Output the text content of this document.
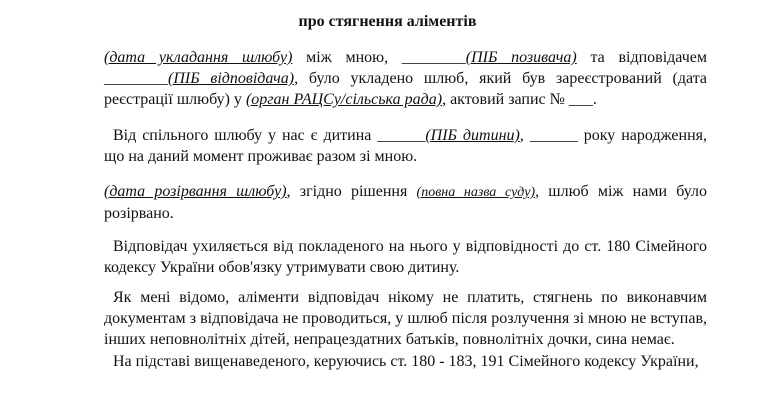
про стягнення аліментів
(дата укладання шлюбу) між мною, ________(ПІБ позивача) та відповідачем ________(ПІБ відповідача), було укладено шлюб, який був зареєстрований (дата реєстрації шлюбу) у (орган РАЦСу/сільська рада), актовий запис № ___.
Від спільного шлюбу у нас є дитина ______(ПІБ дитини), ______ року народження, що на даний момент проживає разом зі мною.
(дата розірвання шлюбу), згідно рішення (повна назва суду), шлюб між нами було розірвано.
Відповідач ухиляється від покладеного на нього у відповідності до ст. 180 Сімейного кодексу України обов'язку утримувати свою дитину.
Як мені відомо, аліменти відповідач нікому не платить, стягнень по виконавчим документам з відповідача не проводиться, у шлюб після розлучення зі мною не вступав, інших неповнолітніх дітей, непрацездатних батьків, повнолітніх дочки, сина немає.
На підставі вищенаведеного, керуючись ст. 180 - 183, 191 Сімейного кодексу України,
